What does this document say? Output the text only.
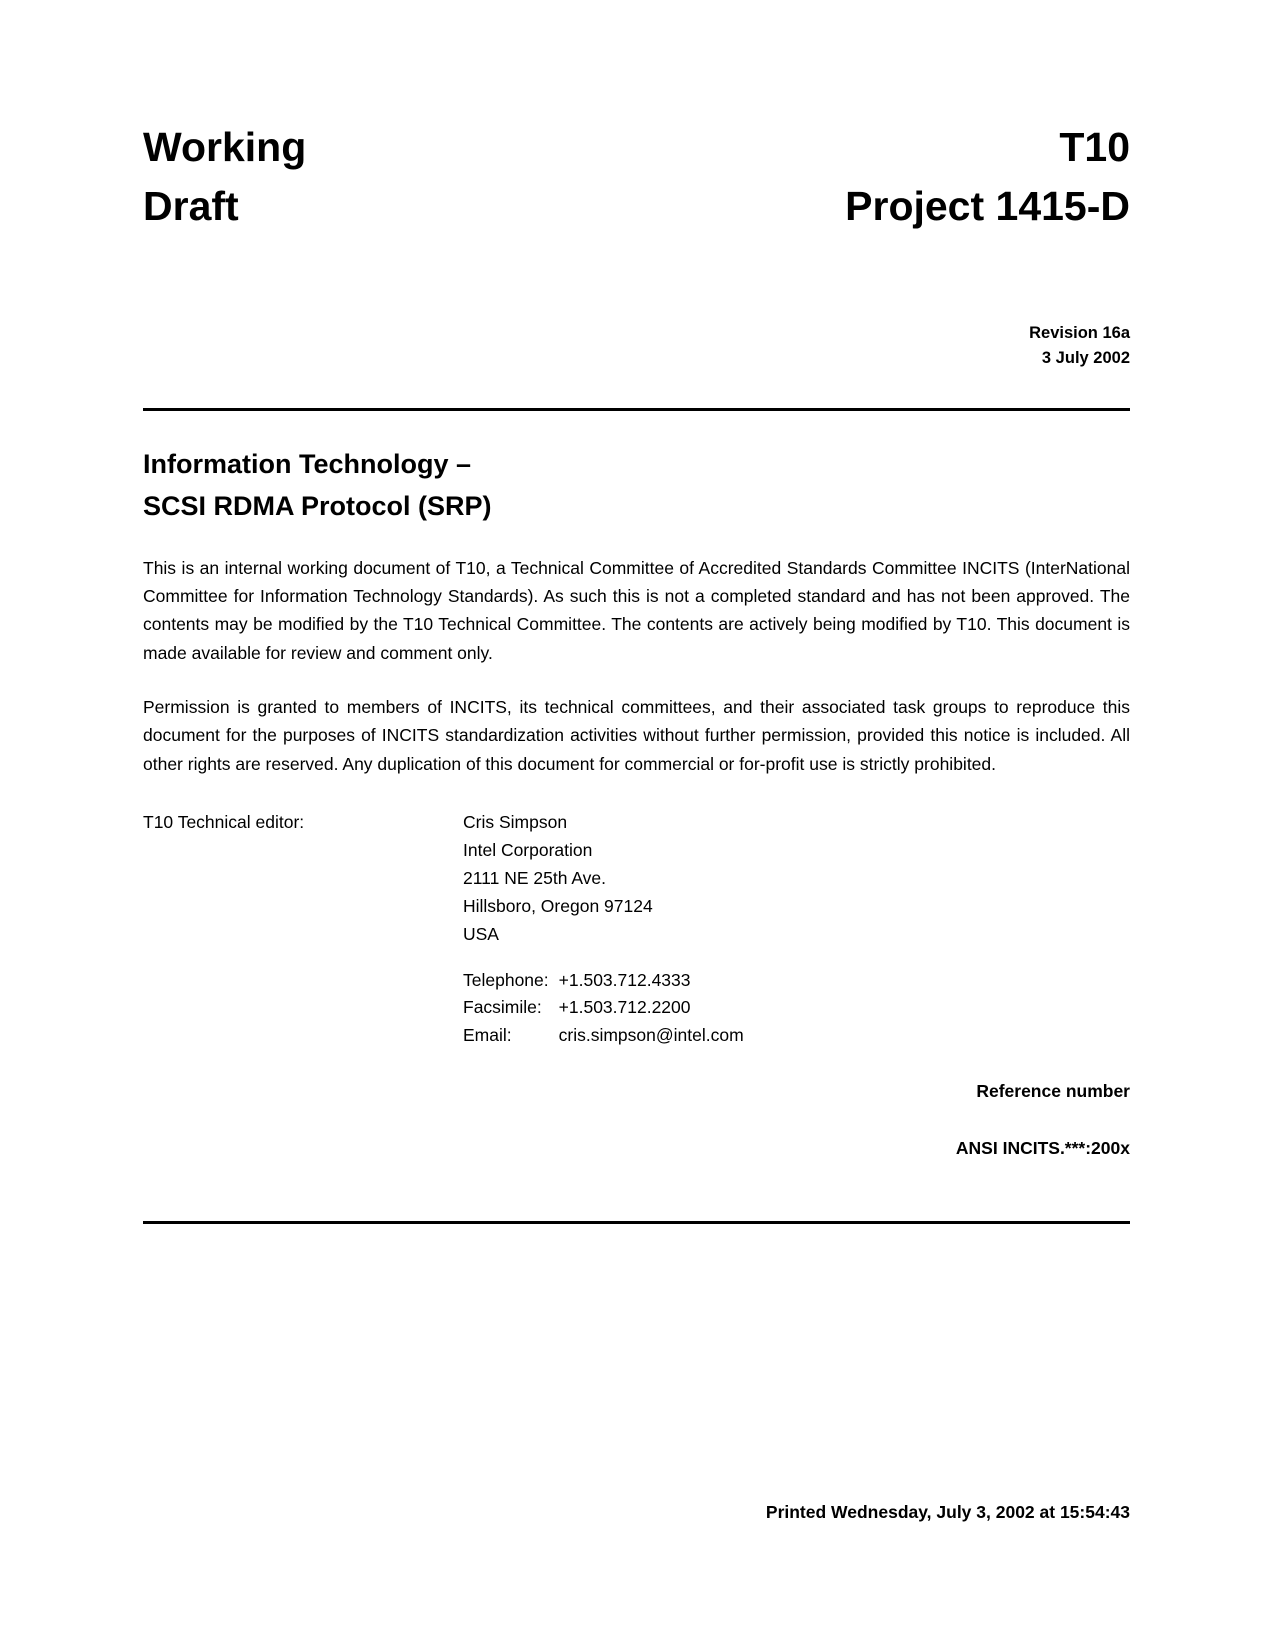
Working
Draft
T10
Project 1415-D
Revision 16a
3 July 2002
Information Technology –
SCSI RDMA Protocol (SRP)

This is an internal working document of T10, a Technical Committee of Accredited Standards Committee INCITS (InterNational Committee for Information Technology Standards). As such this is not a completed standard and has not been approved. The contents may be modified by the T10 Technical Committee. The contents are actively being modified by T10. This document is made available for review and comment only.

Permission is granted to members of INCITS, its technical committees, and their associated task groups to reproduce this document for the purposes of INCITS standardization activities without further permission, provided this notice is included. All other rights are reserved. Any duplication of this document for commercial or for-profit use is strictly prohibited.

T10 Technical editor:	Cris Simpson
Intel Corporation
2111 NE 25th Ave.
Hillsboro, Oregon 97124
USA
Telephone:	+1.503.712.4333
Facsimile:	+1.503.712.2200
Email:	cris.simpson@intel.com
Reference number
ANSI INCITS.***:200x
Printed Wednesday, July 3, 2002 at 15:54:43
